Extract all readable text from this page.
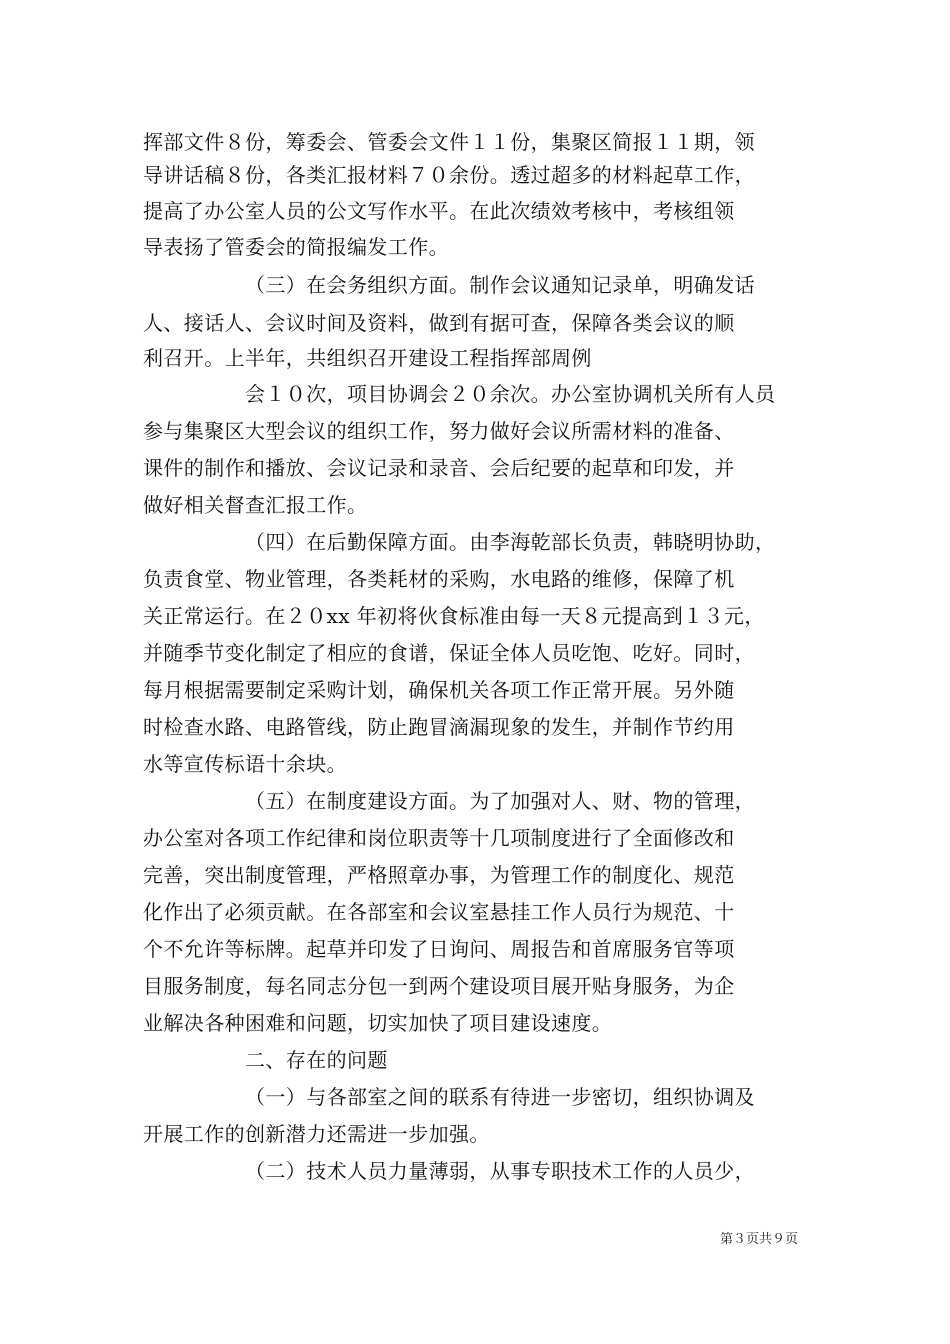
挥部文件８份，筹委会、管委会文件１１份，集聚区简报１１期，领
导讲话稿８份，各类汇报材料７０余份。透过超多的材料起草工作，
提高了办公室人员的公文写作水平。在此次绩效考核中，考核组领
导表扬了管委会的简报编发工作。
（三）在会务组织方面。制作会议通知记录单，明确发话
人、接话人、会议时间及资料，做到有据可查，保障各类会议的顺
利召开。上半年，共组织召开建设工程指挥部周例
会１０次，项目协调会２０余次。办公室协调机关所有人员
参与集聚区大型会议的组织工作，努力做好会议所需材料的准备、
课件的制作和播放、会议记录和录音、会后纪要的起草和印发，并
做好相关督查汇报工作。
（四）在后勤保障方面。由李海乾部长负责，韩晓明协助，
负责食堂、物业管理，各类耗材的采购，水电路的维修，保障了机
关正常运行。在２０xx 年初将伙食标准由每一天８元提高到１３元，
并随季节变化制定了相应的食谱，保证全体人员吃饱、吃好。同时，
每月根据需要制定采购计划，确保机关各项工作正常开展。另外随
时检查水路、电路管线，防止跑冒滴漏现象的发生，并制作节约用
水等宣传标语十余块。
（五）在制度建设方面。为了加强对人、财、物的管理，
办公室对各项工作纪律和岗位职责等十几项制度进行了全面修改和
完善，突出制度管理，严格照章办事，为管理工作的制度化、规范
化作出了必须贡献。在各部室和会议室悬挂工作人员行为规范、十
个不允许等标牌。起草并印发了日询问、周报告和首席服务官等项
目服务制度，每名同志分包一到两个建设项目展开贴身服务，为企
业解决各种困难和问题，切实加快了项目建设速度。
二、存在的问题
（一）与各部室之间的联系有待进一步密切，组织协调及
开展工作的创新潜力还需进一步加强。
（二）技术人员力量薄弱，从事专职技术工作的人员少，
第３页共９页
